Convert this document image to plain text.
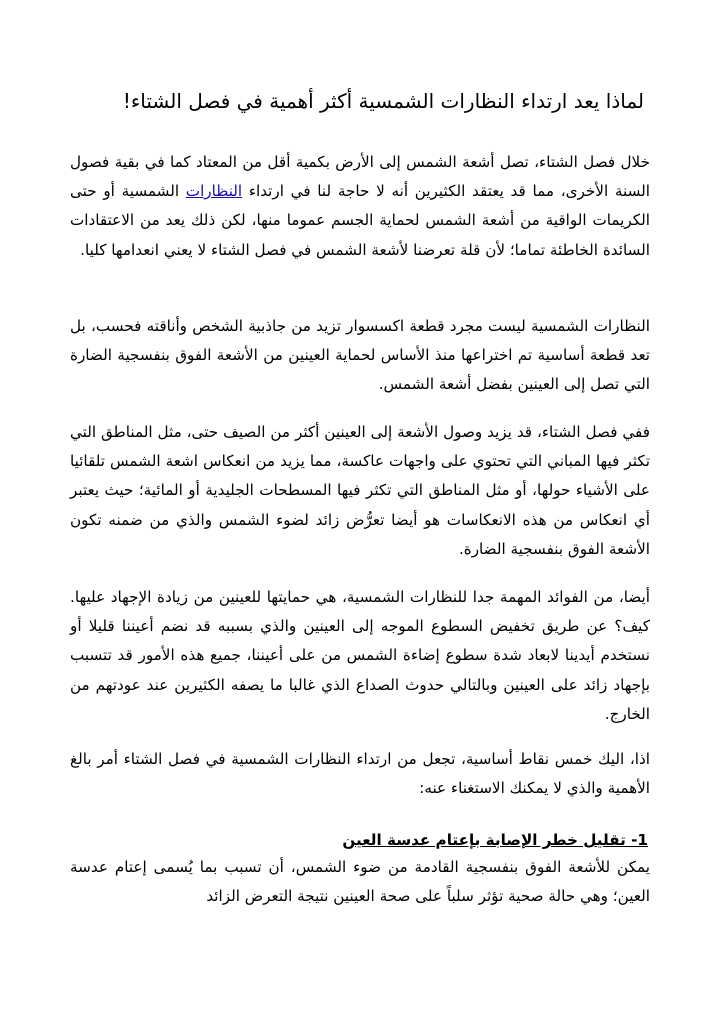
لماذا يعد ارتداء النظارات الشمسية أكثر أهمية في فصل الشتاء!

خلال فصل الشتاء، تصل أشعة الشمس إلى الأرض بكمية أقل من المعتاد كما في بقية فصول السنة الأخرى، مما قد يعتقد الكثيرين أنه لا حاجة لنا في ارتداء النظارات الشمسية أو حتى الكريمات الواقية من أشعة الشمس لحماية الجسم عموما منها، لكن ذلك يعد من الاعتقادات السائدة الخاطئة تماما؛ لأن قلة تعرضنا لأشعة الشمس في فصل الشتاء لا يعني انعدامها كليا.

النظارات الشمسية ليست مجرد قطعة اكسسوار تزيد من جاذبية الشخص وأناقته فحسب، بل تعد قطعة أساسية تم اختراعها منذ الأساس لحماية العينين من الأشعة الفوق بنفسجية الضارة التي تصل إلى العينين بفضل أشعة الشمس.

ففي فصل الشتاء، قد يزيد وصول الأشعة إلى العينين أكثر من الصيف حتى، مثل المناطق التي تكثر فيها المباني التي تحتوي على واجهات عاكسة، مما يزيد من انعكاس اشعة الشمس تلقائيا على الأشياء حولها، أو مثل المناطق التي تكثر فيها المسطحات الجليدية أو المائية؛ حيث يعتبر أي انعكاس من هذه الانعكاسات هو أيضا تعرُّض زائد لضوء الشمس والذي من ضمنه تكون الأشعة الفوق بنفسجية الضارة.

أيضا، من الفوائد المهمة جدا للنظارات الشمسية، هي حمايتها للعينين من زيادة الإجهاد عليها. كيف؟ عن طريق تخفيض السطوع الموجه إلى العينين والذي بسببه قد نضم أعيننا قليلا أو نستخدم أيدينا لابعاد شدة سطوع إضاءة الشمس من على أعيننا، جميع هذه الأمور قد تتسبب بإجهاد زائد على العينين وبالتالي حدوث الصداع الذي غالبا ما يصفه الكثيرين عند عودتهم من الخارج.

اذا، اليك خمس نقاط أساسية، تجعل من ارتداء النظارات الشمسية في فصل الشتاء أمر بالغ الأهمية والذي لا يمكنك الاستغناء عنه:

1- تقليل خطر الإصابة بإعتام عدسة العين

يمكن للأشعة الفوق بنفسجية القادمة من ضوء الشمس، أن تسبب بما يُسمى إعتام عدسة العين؛ وهي حالة صحية تؤثر سلباً على صحة العينين نتيجة التعرض الزائد
